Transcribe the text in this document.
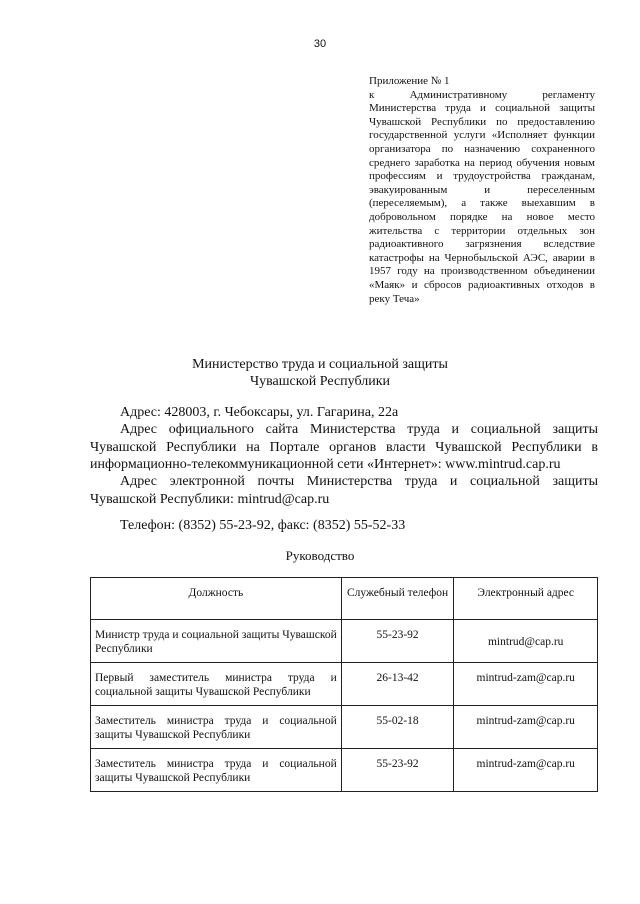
30
Приложение № 1
к Административному регламенту Министерства труда и социальной защиты Чувашской Республики по предоставлению государственной услуги «Исполняет функции организатора по назначению сохраненного среднего заработка на период обучения новым профессиям и трудоустройства гражданам, эвакуированным и переселенным (переселяемым), а также выехавшим в добровольном порядке на новое место жительства с территории отдельных зон радиоактивного загрязнения вследствие катастрофы на Чернобыльской АЭС, аварии в 1957 году на производственном объединении «Маяк» и сбросов радиоактивных отходов в реку Теча»
Министерство труда и социальной защиты
Чувашской Республики
Адрес: 428003, г. Чебоксары, ул. Гагарина, 22а
Адрес официального сайта Министерства труда и социальной защиты Чувашской Республики на Портале органов власти Чувашской Республики в информационно-телекоммуникационной сети «Интернет»: www.mintrud.cap.ru
Адрес электронной почты Министерства труда и социальной защиты Чувашской Республики: mintrud@cap.ru
Телефон: (8352) 55-23-92, факс: (8352) 55-52-33
Руководство
Должность	Служебный телефон	Электронный адрес
Министр труда и социальной защиты Чувашской Республики	55-23-92	mintrud@cap.ru
Первый заместитель министра труда и социальной защиты Чувашской Республики	26-13-42	mintrud-zam@cap.ru
Заместитель министра труда и социальной защиты Чувашской Республики	55-02-18	mintrud-zam@cap.ru
Заместитель министра труда и социальной защиты Чувашской Республики	55-23-92	mintrud-zam@cap.ru
